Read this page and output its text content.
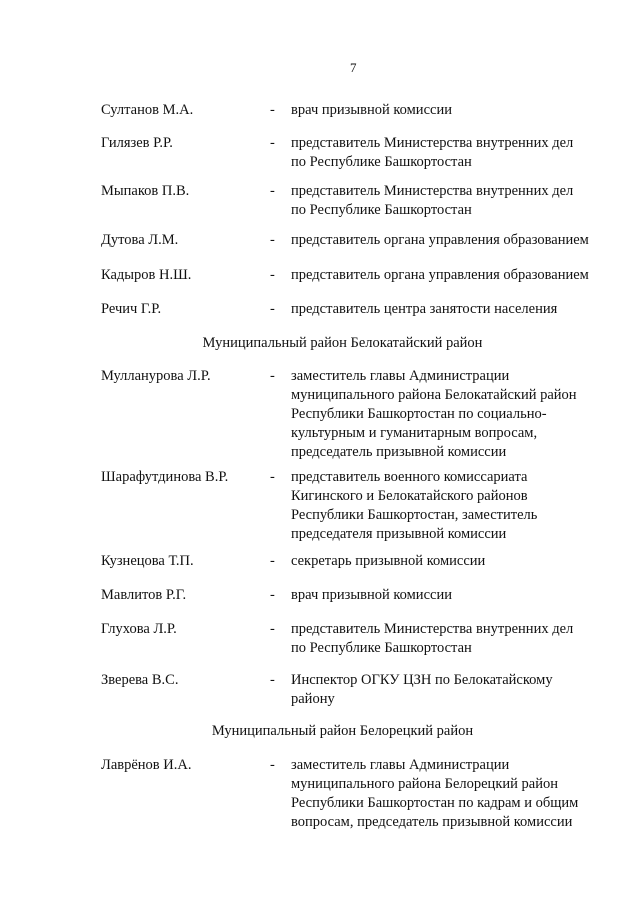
7
Султанов М.А.	- врач призывной комиссии
Гилязев Р.Р.	- представитель Министерства внутренних дел
по Республике Башкортостан
Мыпаков П.В.	- представитель Министерства внутренних дел
по Республике Башкортостан
Дутова Л.М.	- представитель органа управления образованием
Кадыров Н.Ш.	- представитель органа управления образованием
Речич Г.Р.	- представитель центра занятости населения
Муниципальный район Белокатайский район
Мулланурова Л.Р.	- заместитель главы Администрации
муниципального района Белокатайский район
Республики Башкортостан по социально-
культурным и гуманитарным вопросам,
председатель призывной комиссии
Шарафутдинова В.Р.	- представитель военного комиссариата
Кигинского и Белокатайского районов
Республики Башкортостан, заместитель
председателя призывной комиссии
Кузнецова Т.П.	- секретарь призывной комиссии
Мавлитов Р.Г.	- врач призывной комиссии
Глухова Л.Р.	- представитель Министерства внутренних дел
по Республике Башкортостан
Зверева В.С.	- Инспектор ОГКУ ЦЗН по Белокатайскому
району
Муниципальный район Белорецкий район
Лаврёнов И.А.	- заместитель главы Администрации
муниципального района Белорецкий район
Республики Башкортостан по кадрам и общим
вопросам, председатель призывной комиссии
